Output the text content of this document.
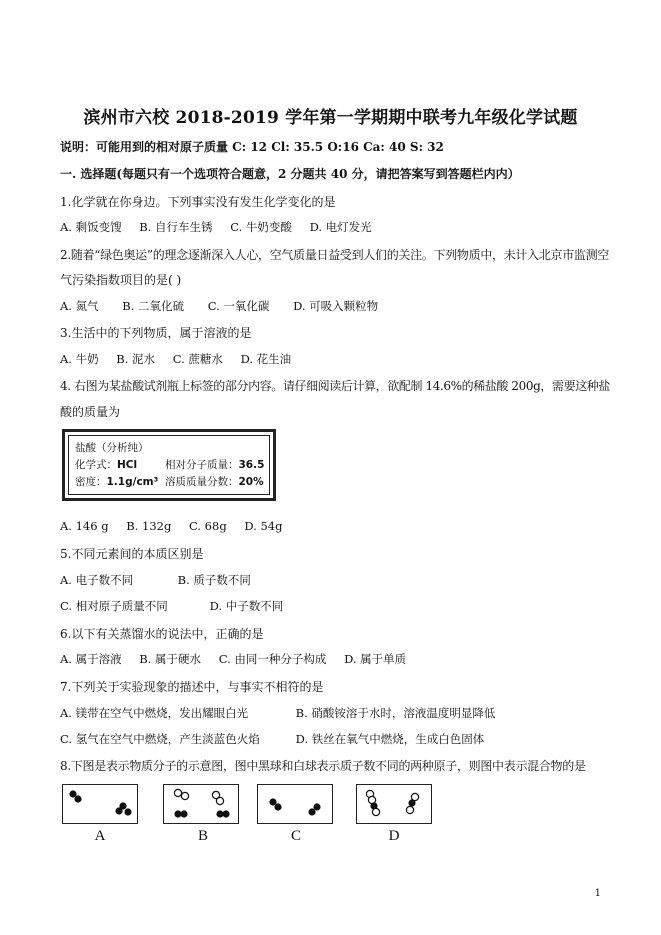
滨州市六校 2018-2019 学年第一学期期中联考九年级化学试题
说明：可能用到的相对原子质量 C: 12 Cl: 35.5 O:16 Ca: 40 S: 32
一. 选择题(每题只有一个选项符合题意，2 分题共 40 分，请把答案写到答题栏内内）
1.化学就在你身边。下列事实没有发生化学变化的是
A. 剩饭变馊 B. 自行车生锈 C. 牛奶变酸 D. 电灯发光
2.随着“绿色奥运”的理念逐渐深入人心，空气质量日益受到人们的关注。下列物质中，未计入北京市监测空
气污染指数项目的是( )
A. 氮气 B. 二氧化硫 C. 一氧化碳 D. 可吸入颗粒物
3.生活中的下列物质，属于溶液的是
A. 牛奶 B. 泥水 C. 蔗糖水 D. 花生油
4. 右图为某盐酸试剂瓶上标签的部分内容。请仔细阅读后计算，欲配制 14.6%的稀盐酸 200g，需要这种盐
酸的质量为
盐酸（分析纯）
化学式：HCl	相对分子质量：36.5
密度：1.1g/cm³ 溶质质量分数：20%
A. 146 g B. 132g C. 68g D. 54g
5.不同元素间的本质区别是
A. 电子数不同	B. 质子数不同
C. 相对原子质量不同	D. 中子数不同
6.以下有关蒸馏水的说法中，正确的是
A. 属于溶液 B. 属于硬水 C. 由同一种分子构成 D. 属于单质
7.下列关于实验现象的描述中，与事实不相符的是
A. 镁带在空气中燃烧，发出耀眼白光	B. 硝酸铵溶于水时，溶液温度明显降低
C. 氢气在空气中燃烧，产生淡蓝色火焰	D. 铁丝在氧气中燃烧，生成白色固体
8.下图是表示物质分子的示意图，图中黑球和白球表示质子数不同的两种原子，则图中表示混合物的是
A	B	C	D
1
